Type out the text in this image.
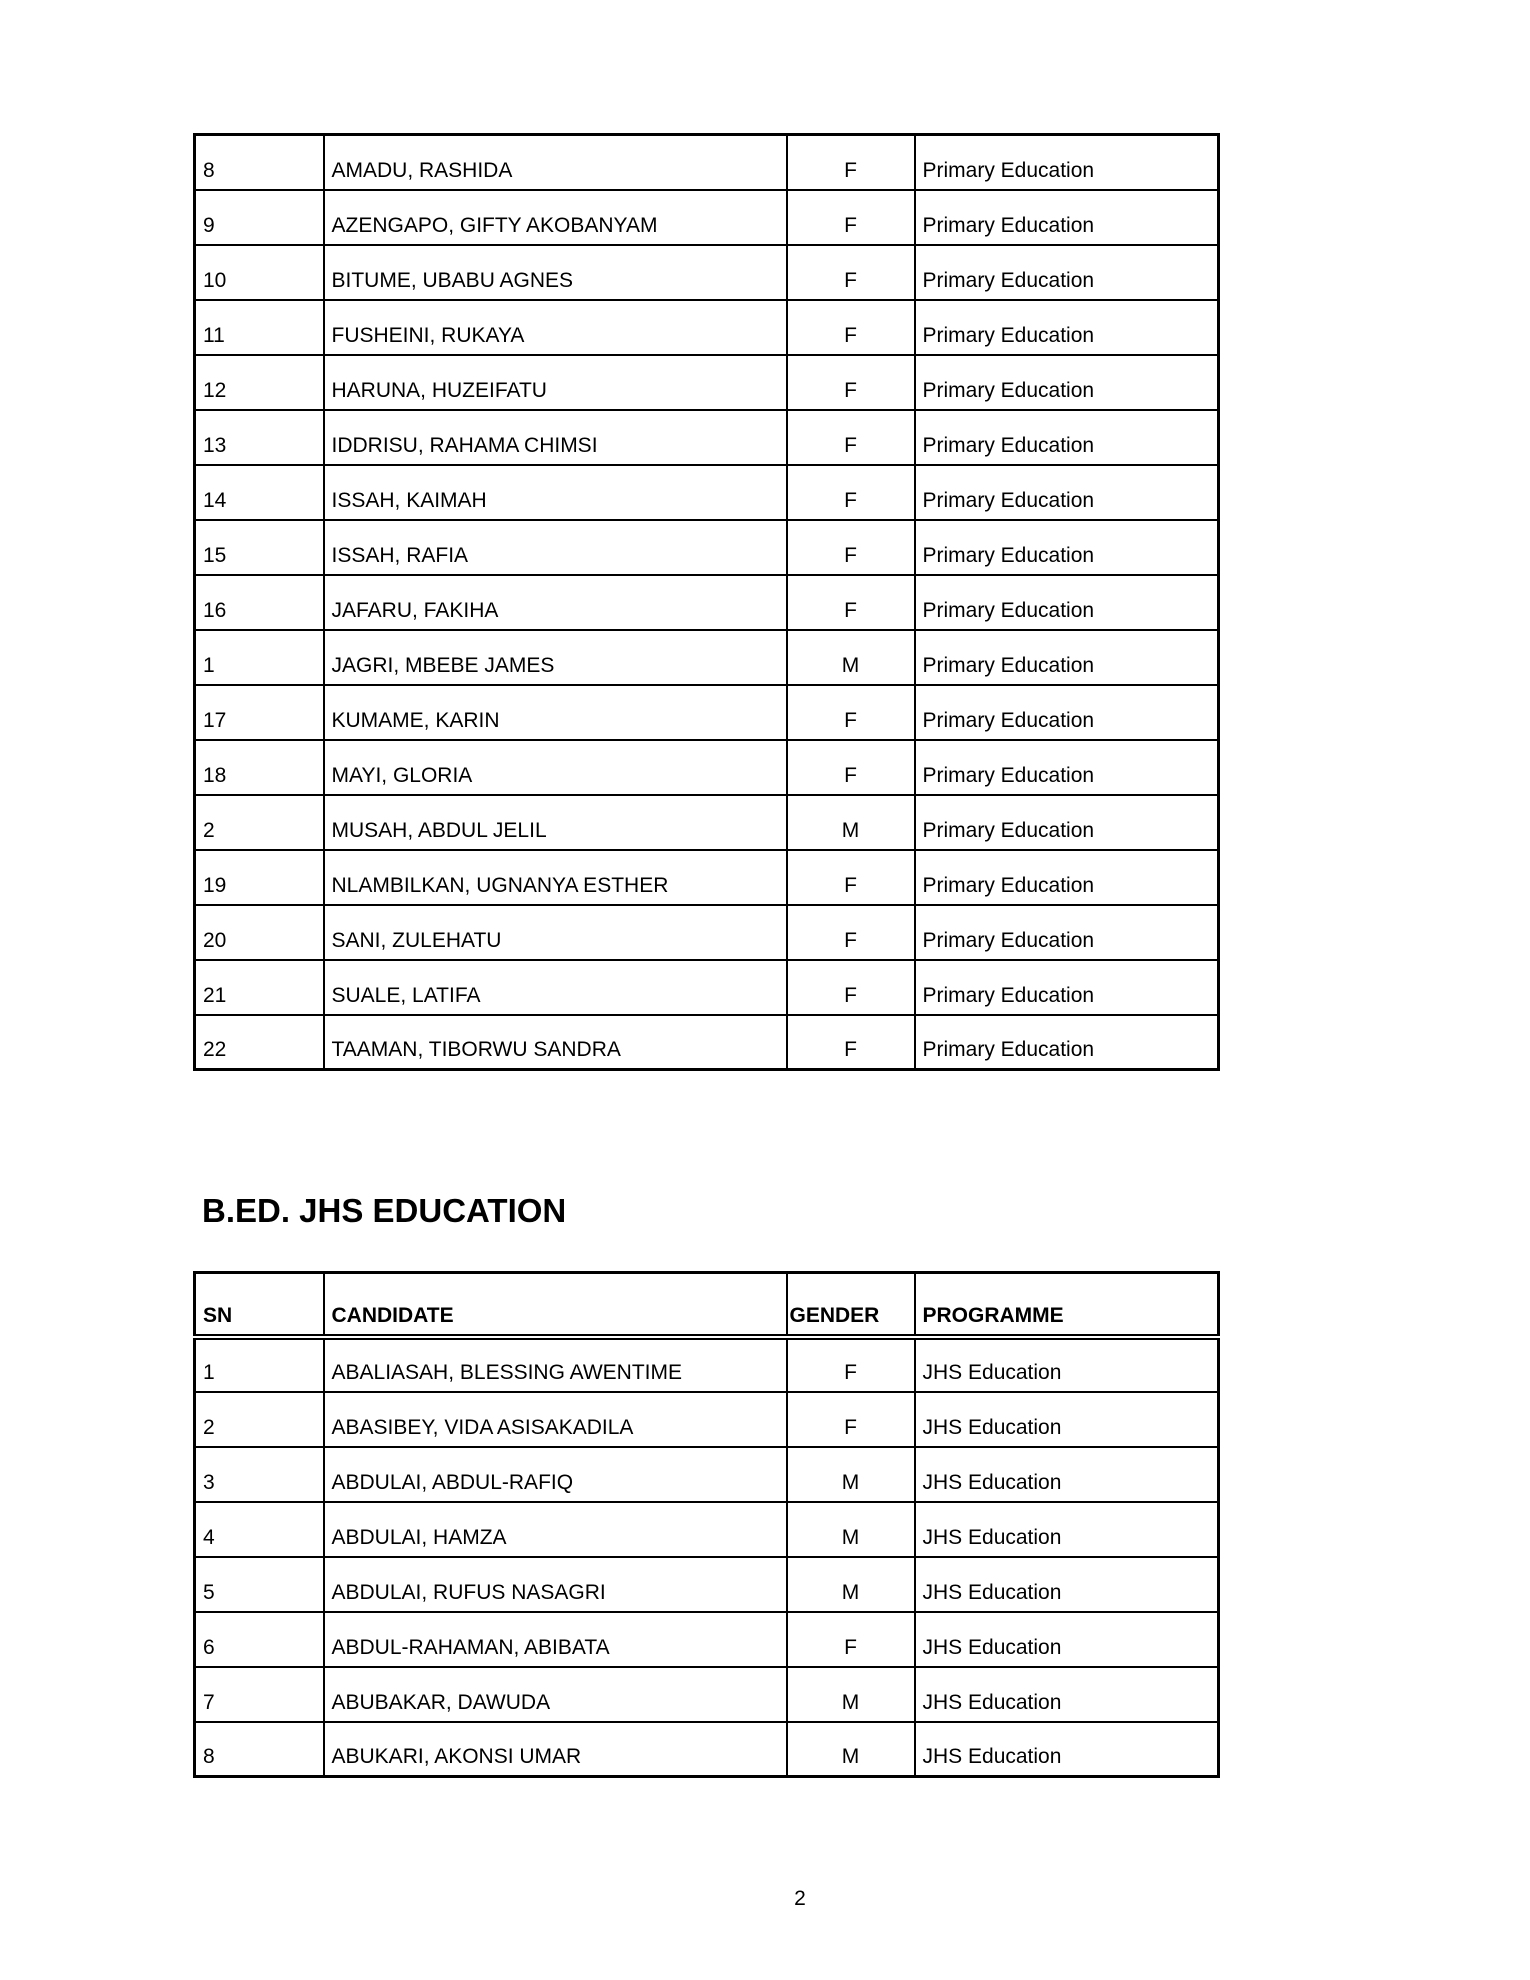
8	AMADU, RASHIDA	F	Primary Education
9	AZENGAPO, GIFTY AKOBANYAM	F	Primary Education
10	BITUME, UBABU AGNES	F	Primary Education
11	FUSHEINI, RUKAYA	F	Primary Education
12	HARUNA, HUZEIFATU	F	Primary Education
13	IDDRISU, RAHAMA CHIMSI	F	Primary Education
14	ISSAH, KAIMAH	F	Primary Education
15	ISSAH, RAFIA	F	Primary Education
16	JAFARU, FAKIHA	F	Primary Education
1	JAGRI, MBEBE JAMES	M	Primary Education
17	KUMAME, KARIN	F	Primary Education
18	MAYI, GLORIA	F	Primary Education
2	MUSAH, ABDUL JELIL	M	Primary Education
19	NLAMBILKAN, UGNANYA ESTHER	F	Primary Education
20	SANI, ZULEHATU	F	Primary Education
21	SUALE, LATIFA	F	Primary Education
22	TAAMAN, TIBORWU SANDRA	F	Primary Education
B.ED. JHS EDUCATION
SN	CANDIDATE	GENDER	PROGRAMME
1	ABALIASAH, BLESSING AWENTIME	F	JHS Education
2	ABASIBEY, VIDA ASISAKADILA	F	JHS Education
3	ABDULAI, ABDUL-RAFIQ	M	JHS Education
4	ABDULAI, HAMZA	M	JHS Education
5	ABDULAI, RUFUS NASAGRI	M	JHS Education
6	ABDUL-RAHAMAN, ABIBATA	F	JHS Education
7	ABUBAKAR, DAWUDA	M	JHS Education
8	ABUKARI, AKONSI UMAR	M	JHS Education
2
